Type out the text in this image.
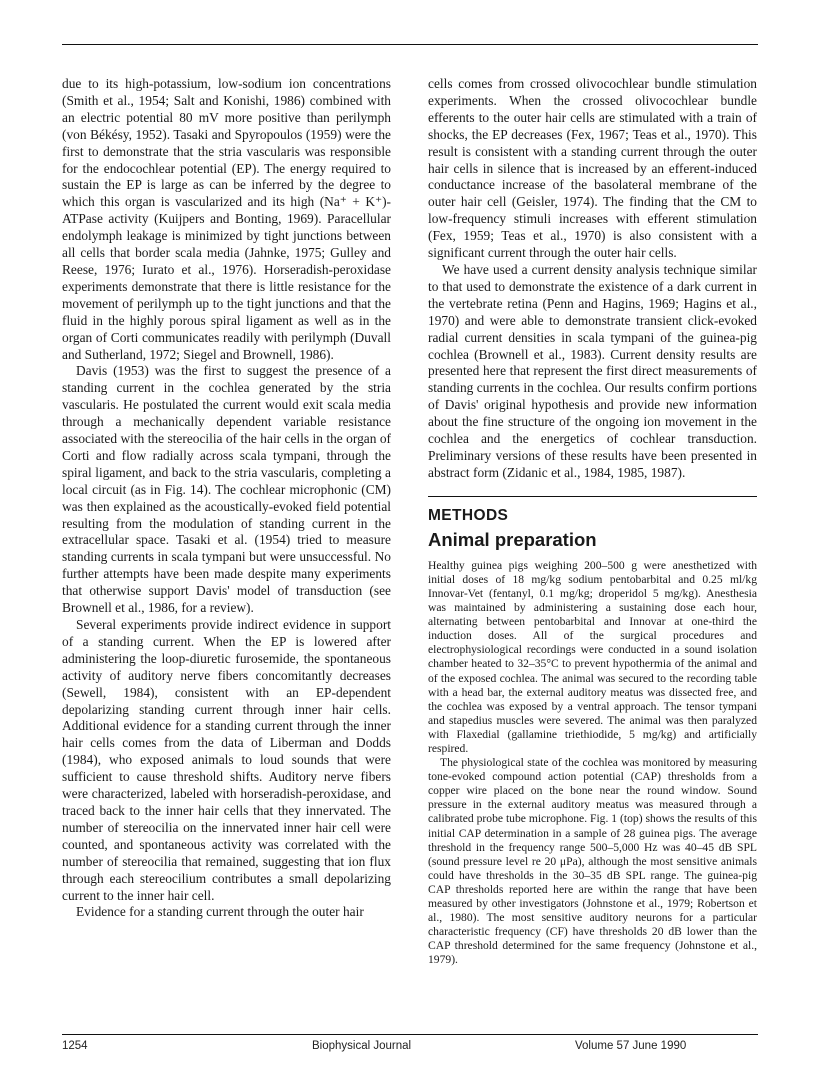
due to its high-potassium, low-sodium ion concentrations (Smith et al., 1954; Salt and Konishi, 1986) combined with an electric potential 80 mV more positive than perilymph (von Békésy, 1952). Tasaki and Spyropoulos (1959) were the first to demonstrate that the stria vascularis was responsible for the endocochlear potential (EP). The energy required to sustain the EP is large as can be inferred by the degree to which this organ is vascularized and its high (Na⁺ + K⁺)-ATPase activity (Kuijpers and Bonting, 1969). Paracellular endolymph leakage is minimized by tight junctions between all cells that border scala media (Jahnke, 1975; Gulley and Reese, 1976; Iurato et al., 1976). Horseradish-peroxidase experiments demonstrate that there is little resistance for the movement of perilymph up to the tight junctions and that the fluid in the highly porous spiral ligament as well as in the organ of Corti communicates readily with perilymph (Duvall and Sutherland, 1972; Siegel and Brownell, 1986).

Davis (1953) was the first to suggest the presence of a standing current in the cochlea generated by the stria vascularis. He postulated the current would exit scala media through a mechanically dependent variable resistance associated with the stereocilia of the hair cells in the organ of Corti and flow radially across scala tympani, through the spiral ligament, and back to the stria vascularis, completing a local circuit (as in Fig. 14). The cochlear microphonic (CM) was then explained as the acoustically-evoked field potential resulting from the modulation of standing current in the extracellular space. Tasaki et al. (1954) tried to measure standing currents in scala tympani but were unsuccessful. No further attempts have been made despite many experiments that otherwise support Davis' model of transduction (see Brownell et al., 1986, for a review).

Several experiments provide indirect evidence in support of a standing current. When the EP is lowered after administering the loop-diuretic furosemide, the spontaneous activity of auditory nerve fibers concomitantly decreases (Sewell, 1984), consistent with an EP-dependent depolarizing standing current through inner hair cells. Additional evidence for a standing current through the inner hair cells comes from the data of Liberman and Dodds (1984), who exposed animals to loud sounds that were sufficient to cause threshold shifts. Auditory nerve fibers were characterized, labeled with horseradish-peroxidase, and traced back to the inner hair cells that they innervated. The number of stereocilia on the innervated inner hair cell were counted, and spontaneous activity was correlated with the number of stereocilia that remained, suggesting that ion flux through each stereocilium contributes a small depolarizing current to the inner hair cell.

Evidence for a standing current through the outer hair

cells comes from crossed olivocochlear bundle stimulation experiments. When the crossed olivocochlear bundle efferents to the outer hair cells are stimulated with a train of shocks, the EP decreases (Fex, 1967; Teas et al., 1970). This result is consistent with a standing current through the outer hair cells in silence that is increased by an efferent-induced conductance increase of the basolateral membrane of the outer hair cell (Geisler, 1974). The finding that the CM to low-frequency stimuli increases with efferent stimulation (Fex, 1959; Teas et al., 1970) is also consistent with a significant current through the outer hair cells.

We have used a current density analysis technique similar to that used to demonstrate the existence of a dark current in the vertebrate retina (Penn and Hagins, 1969; Hagins et al., 1970) and were able to demonstrate transient click-evoked radial current densities in scala tympani of the guinea-pig cochlea (Brownell et al., 1983). Current density results are presented here that represent the first direct measurements of standing currents in the cochlea. Our results confirm portions of Davis' original hypothesis and provide new information about the fine structure of the ongoing ion movement in the cochlea and the energetics of cochlear transduction. Preliminary versions of these results have been presented in abstract form (Zidanic et al., 1984, 1985, 1987).

METHODS
Animal preparation

Healthy guinea pigs weighing 200–500 g were anesthetized with initial doses of 18 mg/kg sodium pentobarbital and 0.25 ml/kg Innovar-Vet (fentanyl, 0.1 mg/kg; droperidol 5 mg/kg). Anesthesia was maintained by administering a sustaining dose each hour, alternating between pentobarbital and Innovar at one-third the induction doses. All of the surgical procedures and electrophysiological recordings were conducted in a sound isolation chamber heated to 32–35°C to prevent hypothermia of the animal and of the exposed cochlea. The animal was secured to the recording table with a head bar, the external auditory meatus was dissected free, and the cochlea was exposed by a ventral approach. The tensor tympani and stapedius muscles were severed. The animal was then paralyzed with Flaxedial (gallamine triethiodide, 5 mg/kg) and artificially respired.

The physiological state of the cochlea was monitored by measuring tone-evoked compound action potential (CAP) thresholds from a copper wire placed on the bone near the round window. Sound pressure in the external auditory meatus was measured through a calibrated probe tube microphone. Fig. 1 (top) shows the results of this initial CAP determination in a sample of 28 guinea pigs. The average threshold in the frequency range 500–5,000 Hz was 40–45 dB SPL (sound pressure level re 20 μPa), although the most sensitive animals could have thresholds in the 30–35 dB SPL range. The guinea-pig CAP thresholds reported here are within the range that have been measured by other investigators (Johnstone et al., 1979; Robertson et al., 1980). The most sensitive auditory neurons for a particular characteristic frequency (CF) have thresholds 20 dB lower than the CAP threshold determined for the same frequency (Johnstone et al., 1979).

1254	Biophysical Journal	Volume 57 June 1990
